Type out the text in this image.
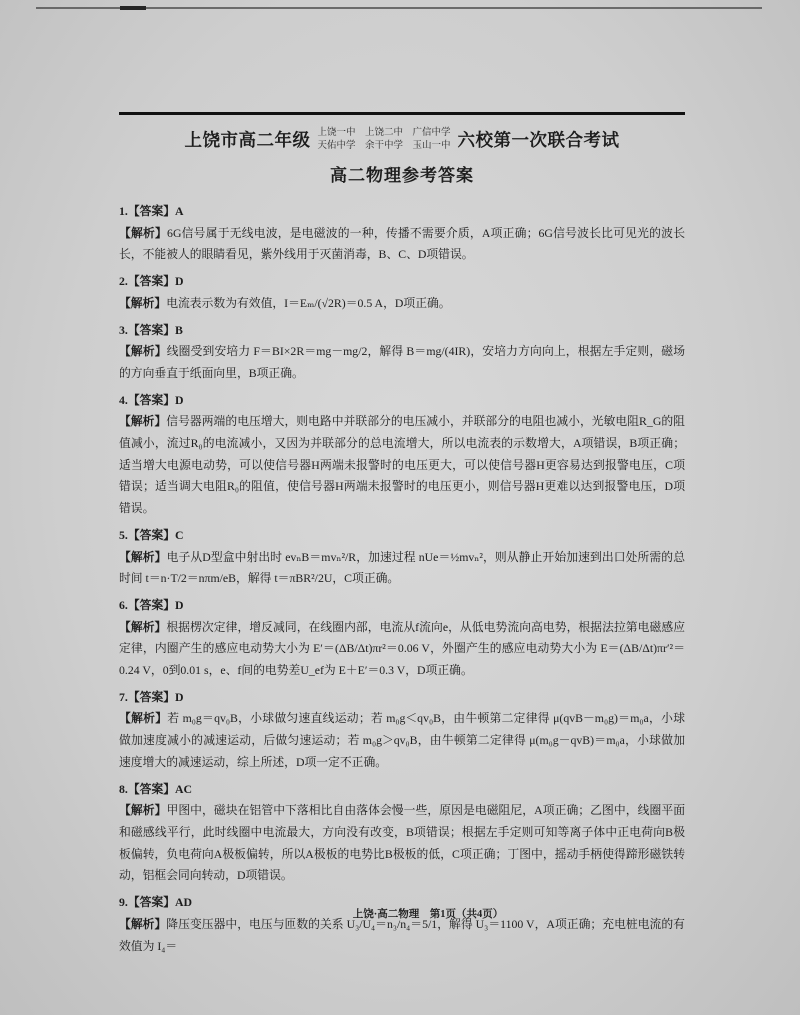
上饶市高二年级 上饶一中　上饶二中　广信中学
天佑中学　余干中学　玉山一中 六校第一次联合考试
高二物理参考答案

1.【答案】A

【解析】6G信号属于无线电波，是电磁波的一种，传播不需要介质，A项正确；6G信号波长比可见光的波长长，不能被人的眼睛看见，紫外线用于灭菌消毒，B、C、D项错误。

2.【答案】D

【解析】电流表示数为有效值，I＝Eₘ/(√2R)＝0.5 A，D项正确。

3.【答案】B

【解析】线圈受到安培力 F＝BI×2R＝mg－mg/2，解得 B＝mg/(4IR)，安培力方向向上，根据左手定则，磁场的方向垂直于纸面向里，B项正确。

4.【答案】D

【解析】信号器两端的电压增大，则电路中并联部分的电压减小，并联部分的电阻也减小，光敏电阻R_G的阻值减小，流过R₀的电流减小，又因为并联部分的总电流增大，所以电流表的示数增大，A项错误，B项正确；适当增大电源电动势，可以使信号器H两端未报警时的电压更大，可以使信号器H更容易达到报警电压，C项错误；适当调大电阻R₀的阻值，使信号器H两端未报警时的电压更小，则信号器H更难以达到报警电压，D项错误。

5.【答案】C

【解析】电子从D型盒中射出时 evₙB＝mvₙ²/R，加速过程 nUe＝½mvₙ²，则从静止开始加速到出口处所需的总时间 t＝n·T/2＝nπm/eB，解得 t＝πBR²/2U，C项正确。

6.【答案】D

【解析】根据楞次定律，增反减同，在线圈内部，电流从f流向e，从低电势流向高电势，根据法拉第电磁感应定律，内圈产生的感应电动势大小为 E′＝(ΔB/Δt)πr²＝0.06 V，外圈产生的感应电动势大小为 E＝(ΔB/Δt)πr′²＝0.24 V，0到0.01 s，e、f间的电势差U_ef为 E＋E′＝0.3 V，D项正确。

7.【答案】D

【解析】若 m₀g＝qv₀B，小球做匀速直线运动；若 m₀g＜qv₀B，由牛顿第二定律得 μ(qvB－m₀g)＝m₀a，小球做加速度减小的减速运动，后做匀速运动；若 m₀g＞qv₀B，由牛顿第二定律得 μ(m₀g－qvB)＝m₀a，小球做加速度增大的减速运动，综上所述，D项一定不正确。

8.【答案】AC

【解析】甲图中，磁块在铝管中下落相比自由落体会慢一些，原因是电磁阻尼，A项正确；乙图中，线圈平面和磁感线平行，此时线圈中电流最大，方向没有改变，B项错误；根据左手定则可知等离子体中正电荷向B极板偏转，负电荷向A极板偏转，所以A极板的电势比B极板的低，C项正确；丁图中，摇动手柄使得蹄形磁铁转动，铝框会同向转动，D项错误。

9.【答案】AD

【解析】降压变压器中，电压与匝数的关系 U₃/U₄＝n₃/n₄＝5/1，解得 U₃＝1100 V，A项正确；充电桩电流的有效值为 I₄＝

上饶·高二物理　第1页（共4页）
